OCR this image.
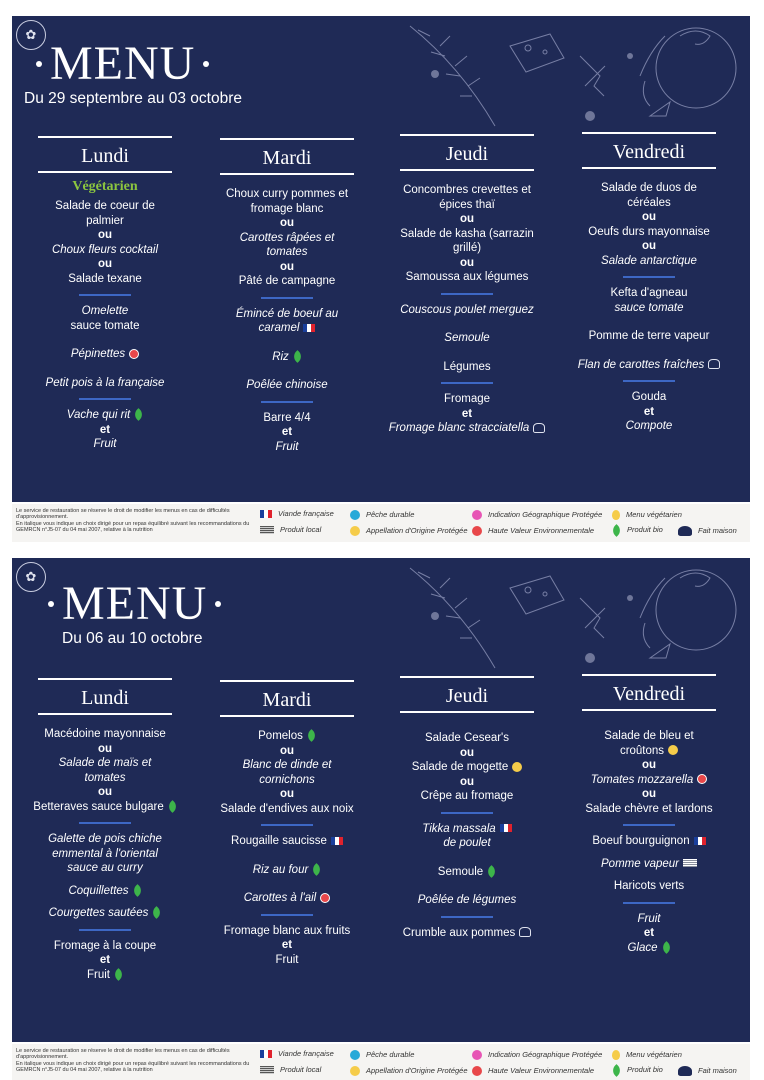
✿
MENU
Du 29 septembre au 03 octobre
Lundi
Végétarien
Salade de coeur de palmier
ou
Choux fleurs cocktail
ou
Salade texane
Omelette
sauce tomate
Pépinettes
Petit pois à la française
Vache qui rit
et
Fruit
Mardi
Choux curry pommes et fromage blanc
ou
Carottes râpées et tomates
ou
Pâté de campagne
Émincé de boeuf au caramel
Riz
Poêlée chinoise
Barre 4/4
et
Fruit
Jeudi
Concombres crevettes et épices thaï
ou
Salade de kasha (sarrazin grillé)
ou
Samoussa aux légumes
Couscous poulet merguez
Semoule
Légumes
Fromage
et
Fromage blanc stracciatella
Vendredi
Salade de duos de céréales
ou
Oeufs durs mayonnaise
ou
Salade antarctique
Kefta d'agneau
sauce tomate
Pomme de terre vapeur
Flan de carottes fraîches
Gouda
et
Compote
Le service de restauration se réserve le droit de modifier les menus en cas de difficultés d'approvisionnement.
En italique vous indique un choix dirigé pour un repas équilibré suivant les recommandations du GEMRCN n°J5-07 du 04 mai 2007, relative à la nutrition
Viande française
Produit local
Pêche durable
Appellation d'Origine Protégée
Indication Géographique Protégée
Haute Valeur Environnementale
Menu végétarien
Produit bio	Fait maison
✿ MENU
Du 06 au 10 octobre
Lundi
Macédoine mayonnaise
ou
Salade de maïs et tomates
ou
Betteraves sauce bulgare
Galette de pois chiche emmental à l'oriental sauce au curry
Coquillettes
Courgettes sautées
Fromage à la coupe
et
Fruit
Mardi
Pomelos
ou
Blanc de dinde et cornichons
ou
Salade d'endives aux noix
Rougaille saucisse
Riz au four
Carottes à l'ail
Fromage blanc aux fruits
et
Fruit
Jeudi
Salade Cesear's
ou
Salade de mogette
ou
Crêpe au fromage
Tikka massala
de poulet
Semoule
Poêlée de légumes
Crumble aux pommes
Vendredi
Salade de bleu et croûtons
ou
Tomates mozzarella
ou
Salade chèvre et lardons
Boeuf bourguignon
Pomme vapeur
Haricots verts
Fruit
et
Glace
Le service de restauration se réserve le droit de modifier les menus en cas de difficultés d'approvisionnement.
En italique vous indique un choix dirigé pour un repas équilibré suivant les recommandations du GEMRCN n°J5-07 du 04 mai 2007, relative à la nutrition
Viande française
Produit local
Pêche durable
Appellation d'Origine Protégée
Indication Géographique Protégée
Haute Valeur Environnementale
Menu végétarien
Produit bio	Fait maison
